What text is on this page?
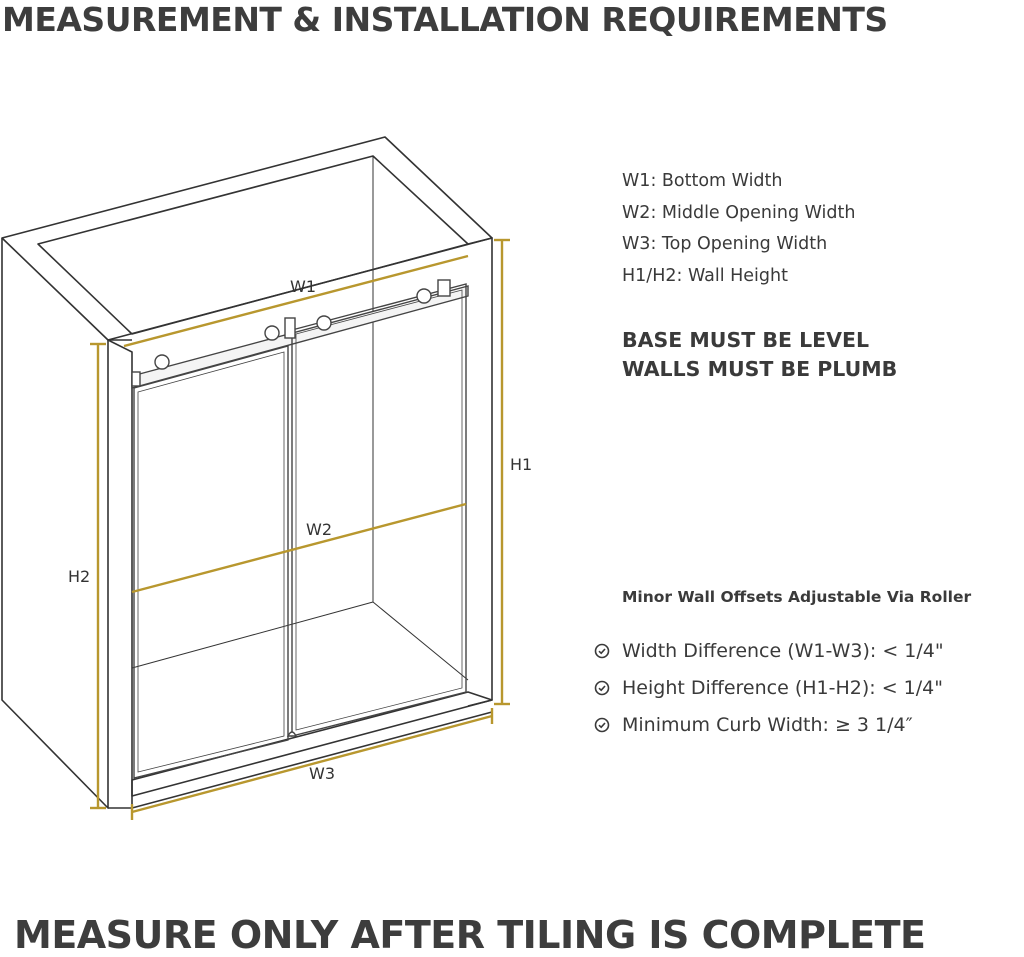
MEASUREMENT & INSTALLATION REQUIREMENTS
W1
W2
W3
H1
H2
W1: Bottom Width
W2: Middle Opening Width
W3: Top Opening Width
H1/H2: Wall Height
BASE MUST BE LEVEL
WALLS MUST BE PLUMB
Minor Wall Offsets Adjustable Via Roller
Width Difference (W1-W3): < 1/4"
Height Difference (H1-H2): < 1/4"
Minimum Curb Width: ≥ 3 1/4″
MEASURE ONLY AFTER TILING IS COMPLETE
